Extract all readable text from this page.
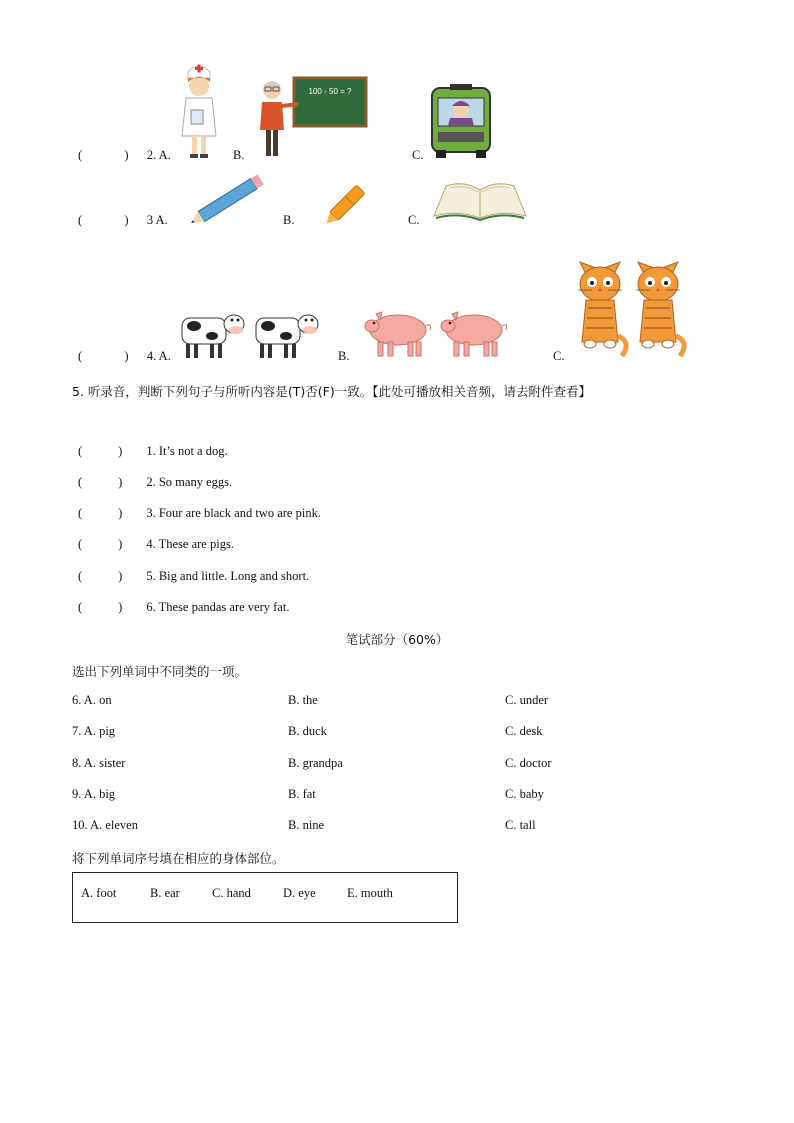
(	) 2. A.	B.	C.
100 - 50 = ?
(	) 3 A.	B.	C.
(	) 4. A.	B.	C.
5. 听录音，判断下列句子与所听内容是(T)否(F)一致。【此处可播放相关音频，请去附件查看】
(	) 1. It’s not a dog.
(	) 2. So many eggs.
(	) 3. Four are black and two are pink.
(	) 4. These are pigs.
(	) 5. Big and little. Long and short.
(	) 6. These pandas are very fat.
笔试部分（60%）
选出下列单词中不同类的一项。
6. A. on	B. the	C. under
7. A. pig	B. duck	C. desk
8. A. sister	B. grandpa	C. doctor
9. A. big	B. fat	C. baby
10. A. eleven	B. nine	C. tall
将下列单词序号填在相应的身体部位。
A. foot	B. ear	C. hand	D. eye	E. mouth
